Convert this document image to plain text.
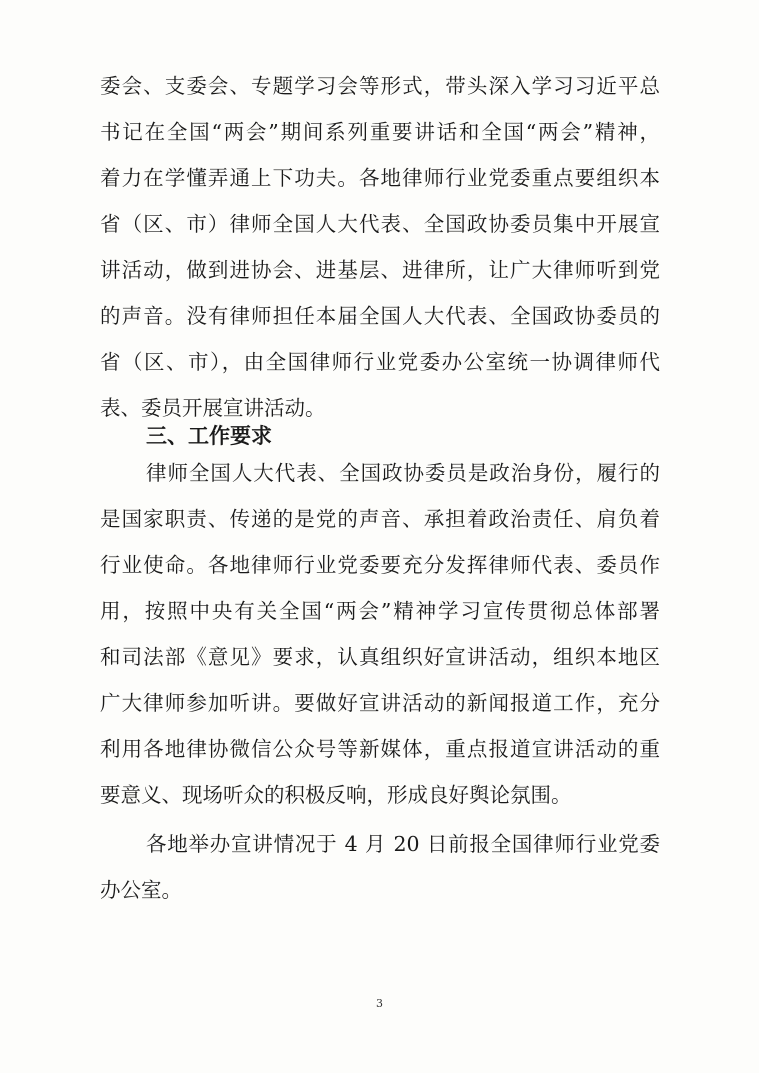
委会、支委会、专题学习会等形式，带头深入学习习近平总
书记在全国“两会”期间系列重要讲话和全国“两会”精神，
着力在学懂弄通上下功夫。各地律师行业党委重点要组织本
省（区、市）律师全国人大代表、全国政协委员集中开展宣
讲活动，做到进协会、进基层、进律所，让广大律师听到党
的声音。没有律师担任本届全国人大代表、全国政协委员的
省（区、市），由全国律师行业党委办公室统一协调律师代
表、委员开展宣讲活动。
三、工作要求
律师全国人大代表、全国政协委员是政治身份，履行的
是国家职责、传递的是党的声音、承担着政治责任、肩负着
行业使命。各地律师行业党委要充分发挥律师代表、委员作
用，按照中央有关全国“两会”精神学习宣传贯彻总体部署
和司法部《意见》要求，认真组织好宣讲活动，组织本地区
广大律师参加听讲。要做好宣讲活动的新闻报道工作，充分
利用各地律协微信公众号等新媒体，重点报道宣讲活动的重
要意义、现场听众的积极反响，形成良好舆论氛围。
各地举办宣讲情况于 4 月 20 日前报全国律师行业党委
办公室。
3
